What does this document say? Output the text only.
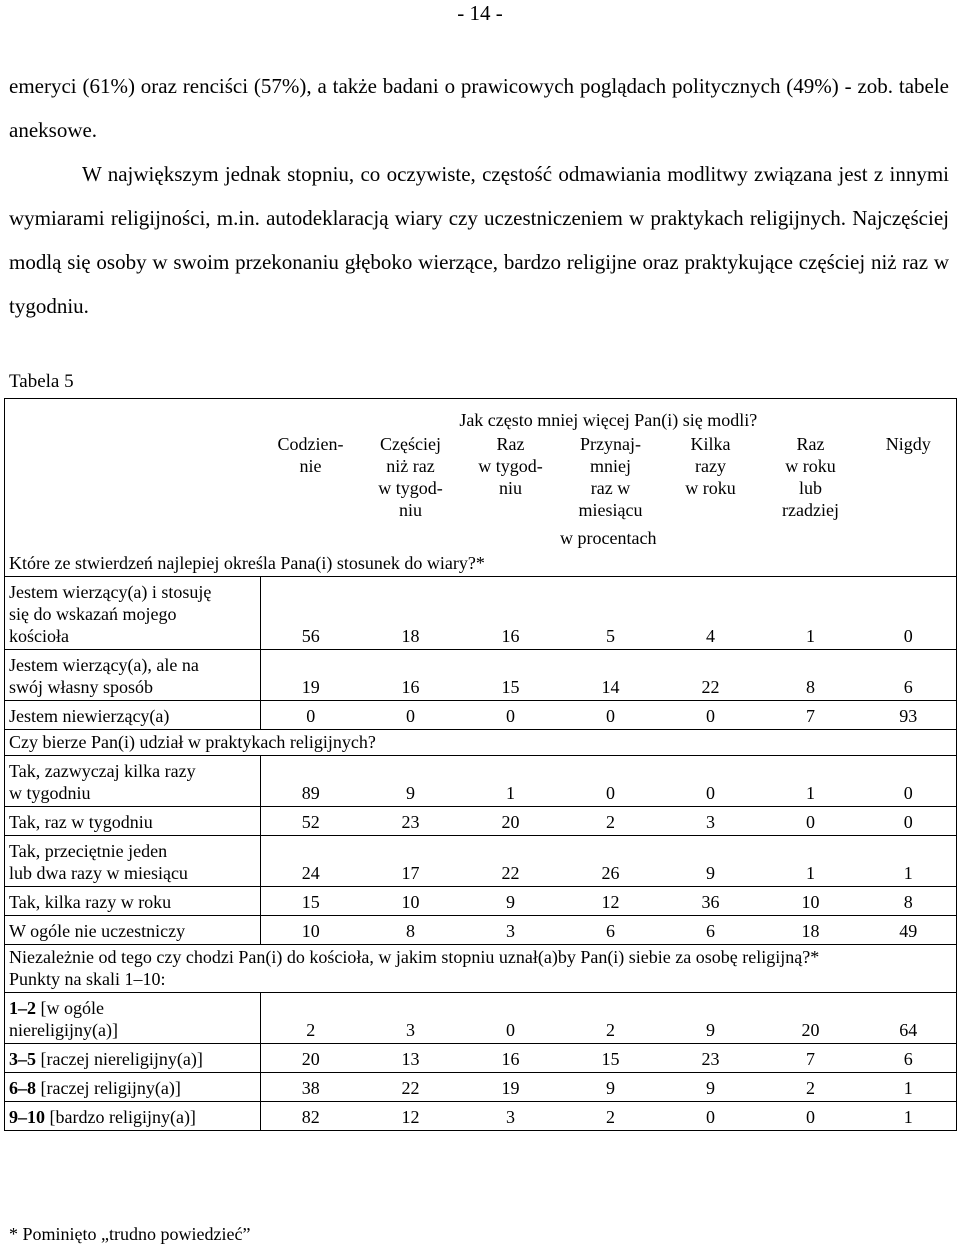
- 14 -

emeryci (61%) oraz renciści (57%), a także badani o prawicowych poglądach politycznych (49%) - zob. tabele aneksowe.

W największym jednak stopniu, co oczywiste, częstość odmawiania modlitwy związana jest z innymi wymiarami religijności, m.in. autodeklaracją wiary czy uczestniczeniem w praktykach religijnych. Najczęściej modlą się osoby w swoim przekonaniu głęboko wierzące, bardzo religijne oraz praktykujące częściej niż raz w tygodniu.

Tabela 5
	Jak często mniej więcej Pan(i) się modli?						
	Codzien-
nie	Częściej
niż raz
w tygod-
niu	Raz
w tygod-
niu	Przynaj-
mniej
raz w
miesiącu	Kilka
razy
w roku	Raz
w roku
lub
rzadziej	Nigdy
	w procentach						
Które ze stwierdzeń najlepiej określa Pana(i) stosunek do wiary?*							
Jestem wierzący(a) i stosuję
się do wskazań mojego
kościoła	56	18	16	5	4	1	0
Jestem wierzący(a), ale na
swój własny sposób	19	16	15	14	22	8	6
Jestem niewierzący(a)	0	0	0	0	0	7	93
Czy bierze Pan(i) udział w praktykach religijnych?							
Tak, zazwyczaj kilka razy
w tygodniu	89	9	1	0	0	1	0
Tak, raz w tygodniu	52	23	20	2	3	0	0
Tak, przeciętnie jeden
lub dwa razy w miesiącu	24	17	22	26	9	1	1
Tak, kilka razy w roku	15	10	9	12	36	10	8
W ogóle nie uczestniczy	10	8	3	6	6	18	49
Niezależnie od tego czy chodzi Pan(i) do kościoła, w jakim stopniu uznał(a)by Pan(i) siebie za osobę religijną?*
Punkty na skali 1–10:							
1–2 [w ogóle
niereligijny(a)]	2	3	0	2	9	20	64
3–5 [raczej niereligijny(a)]	20	13	16	15	23	7	6
6–8 [raczej religijny(a)]	38	22	19	9	9	2	1
9–10 [bardzo religijny(a)]	82	12	3	2	0	0	1
* Pominięto „trudno powiedzieć”
